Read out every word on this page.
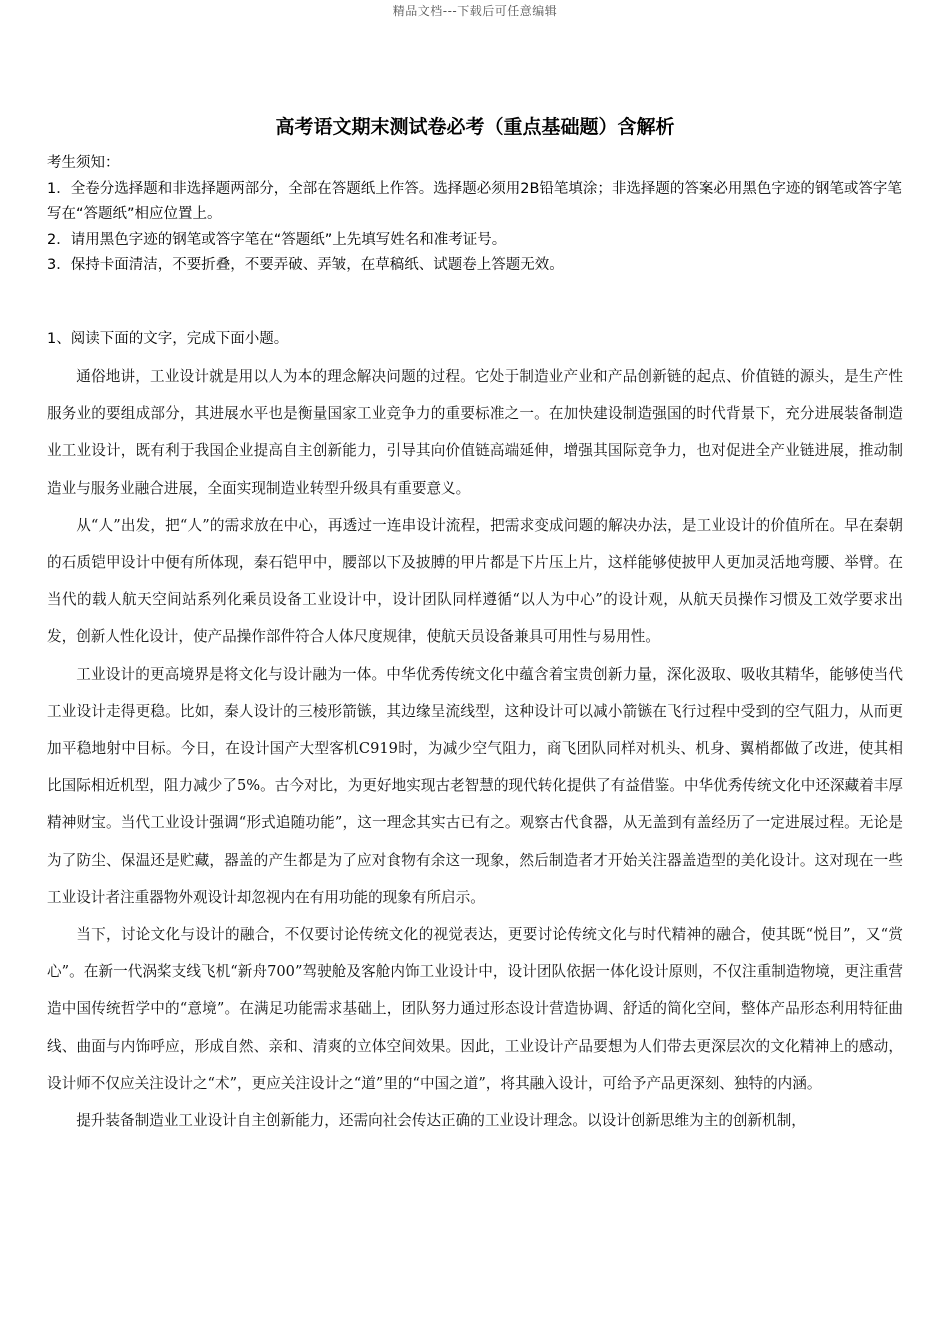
精品文档---下载后可任意编辑
高考语文期末测试卷必考（重点基础题）含解析

考生须知：

1．全卷分选择题和非选择题两部分，全部在答题纸上作答。选择题必须用2B铅笔填涂；非选择题的答案必用黑色字迹的钢笔或答字笔写在“答题纸”相应位置上。

2．请用黑色字迹的钢笔或答字笔在“答题纸”上先填写姓名和准考证号。

3．保持卡面清洁，不要折叠，不要弄破、弄皱，在草稿纸、试题卷上答题无效。

1、阅读下面的文字，完成下面小题。

通俗地讲，工业设计就是用以人为本的理念解决问题的过程。它处于制造业产业和产品创新链的起点、价值链的源头，是生产性服务业的要组成部分，其进展水平也是衡量国家工业竞争力的重要标准之一。在加快建设制造强国的时代背景下，充分进展装备制造业工业设计，既有利于我国企业提高自主创新能力，引导其向价值链高端延伸，增强其国际竞争力，也对促进全产业链进展，推动制造业与服务业融合进展，全面实现制造业转型升级具有重要意义。

从“人”出发，把“人”的需求放在中心，再透过一连串设计流程，把需求变成问题的解决办法，是工业设计的价值所在。早在秦朝的石质铠甲设计中便有所体现，秦石铠甲中，腰部以下及披膊的甲片都是下片压上片，这样能够使披甲人更加灵活地弯腰、举臂。在当代的载人航天空间站系列化乘员设备工业设计中，设计团队同样遵循“以人为中心”的设计观，从航天员操作习惯及工效学要求出发，创新人性化设计，使产品操作部件符合人体尺度规律，使航天员设备兼具可用性与易用性。

工业设计的更高境界是将文化与设计融为一体。中华优秀传统文化中蕴含着宝贵创新力量，深化汲取、吸收其精华，能够使当代工业设计走得更稳。比如，秦人设计的三棱形箭镞，其边缘呈流线型，这种设计可以减小箭镞在飞行过程中受到的空气阻力，从而更加平稳地射中目标。今日，在设计国产大型客机C919时，为减少空气阻力，商飞团队同样对机头、机身、翼梢都做了改进，使其相比国际相近机型，阻力减少了5%。古今对比，为更好地实现古老智慧的现代转化提供了有益借鉴。中华优秀传统文化中还深藏着丰厚精神财宝。当代工业设计强调“形式追随功能”，这一理念其实古已有之。观察古代食器，从无盖到有盖经历了一定进展过程。无论是为了防尘、保温还是贮藏，器盖的产生都是为了应对食物有余这一现象，然后制造者才开始关注器盖造型的美化设计。这对现在一些工业设计者注重器物外观设计却忽视内在有用功能的现象有所启示。

当下，讨论文化与设计的融合，不仅要讨论传统文化的视觉表达，更要讨论传统文化与时代精神的融合，使其既“悦目”，又“赏心”。在新一代涡桨支线飞机“新舟700”驾驶舱及客舱内饰工业设计中，设计团队依据一体化设计原则，不仅注重制造物境，更注重营造中国传统哲学中的“意境”。在满足功能需求基础上，团队努力通过形态设计营造协调、舒适的简化空间，整体产品形态利用特征曲线、曲面与内饰呼应，形成自然、亲和、清爽的立体空间效果。因此，工业设计产品要想为人们带去更深层次的文化精神上的感动，设计师不仅应关注设计之“术”，更应关注设计之“道”里的“中国之道”，将其融入设计，可给予产品更深刻、独特的内涵。

提升装备制造业工业设计自主创新能力，还需向社会传达正确的工业设计理念。以设计创新思维为主的创新机制，
